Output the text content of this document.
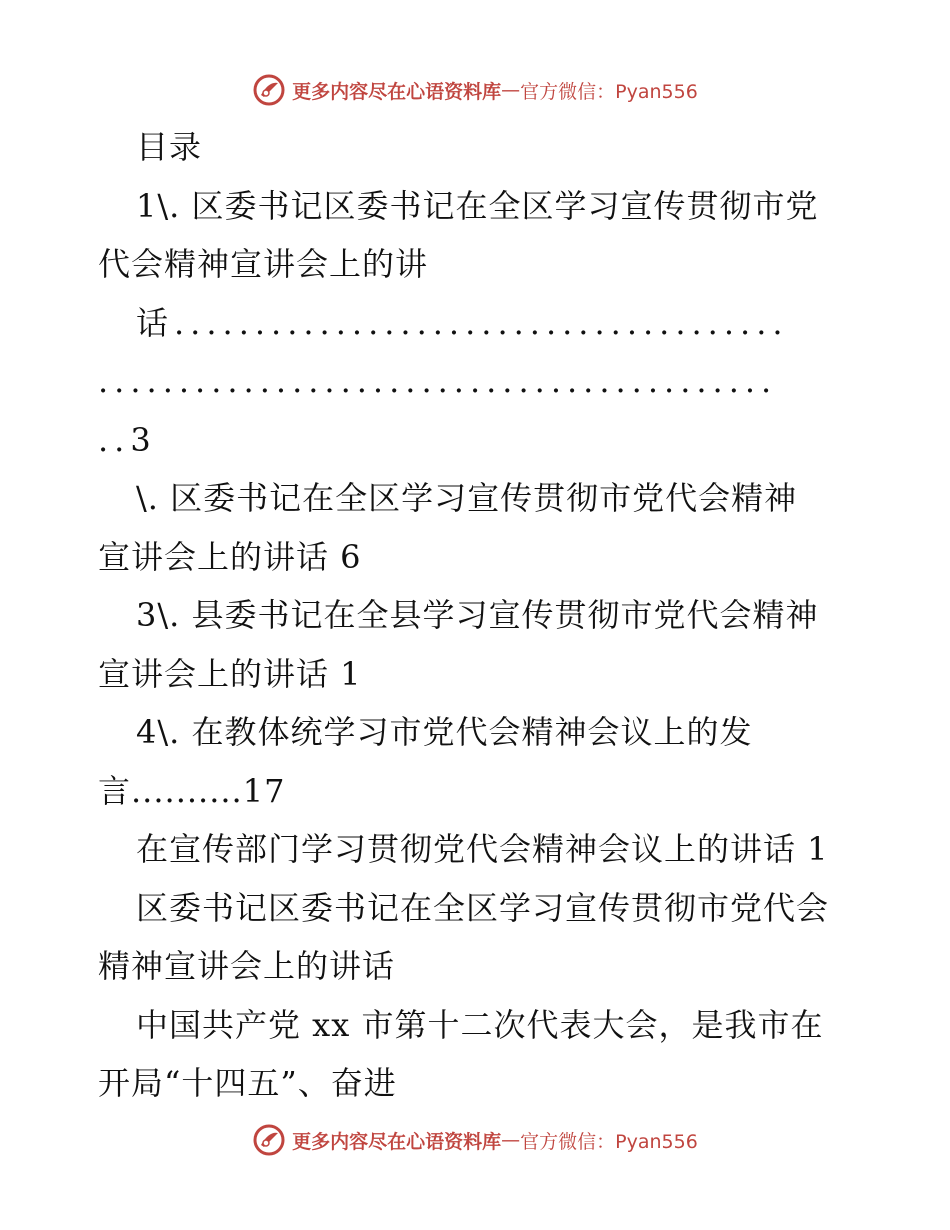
更多内容尽在心语资料库 — 官方微信：Pyan556
目录
1\. 区委书记区委书记在全区学习宣传贯彻市党
代会精神宣讲会上的讲
话......................................
..........................................
..3
\. 区委书记在全区学习宣传贯彻市党代会精神
宣讲会上的讲话 6
3\. 县委书记在全县学习宣传贯彻市党代会精神
宣讲会上的讲话 1
4\. 在教体统学习市党代会精神会议上的发
言..........17
在宣传部门学习贯彻党代会精神会议上的讲话 1
区委书记区委书记在全区学习宣传贯彻市党代会
精神宣讲会上的讲话
中国共产党 xx 市第十二次代表大会，是我市在
开局“十四五”、奋进
更多内容尽在心语资料库 — 官方微信：Pyan556
